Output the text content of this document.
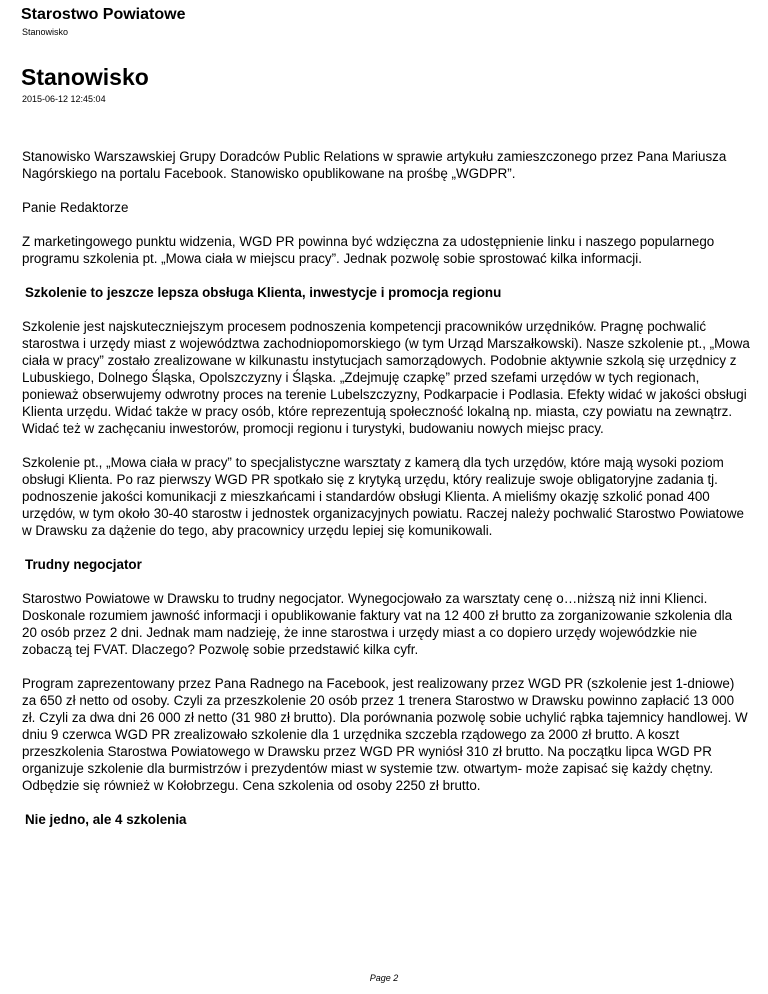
Starostwo Powiatowe
Stanowisko
Stanowisko
2015-06-12 12:45:04

Stanowisko Warszawskiej Grupy Doradców Public Relations w sprawie artykułu zamieszczonego przez Pana Mariusza Nagórskiego na portalu Facebook. Stanowisko opublikowane na prośbę „WGDPR”.

Panie Redaktorze

Z marketingowego punktu widzenia, WGD PR powinna być wdzięczna za udostępnienie linku i naszego popularnego programu szkolenia pt. „Mowa ciała w miejscu pracy”. Jednak pozwolę sobie sprostować kilka informacji.

Szkolenie to jeszcze lepsza obsługa Klienta, inwestycje i promocja regionu

Szkolenie jest najskuteczniejszym procesem podnoszenia kompetencji pracowników urzędników. Pragnę pochwalić starostwa i urzędy miast z województwa zachodniopomorskiego (w tym Urząd Marszałkowski). Nasze szkolenie pt., „Mowa ciała w pracy” zostało zrealizowane w kilkunastu instytucjach samorządowych. Podobnie aktywnie szkolą się urzędnicy z Lubuskiego, Dolnego Śląska, Opolszczyzny i Śląska. „Zdejmuję czapkę” przed szefami urzędów w tych regionach, ponieważ obserwujemy odwrotny proces na terenie Lubelszczyzny, Podkarpacie i Podlasia. Efekty widać w jakości obsługi Klienta urzędu. Widać także w pracy osób, które reprezentują społeczność lokalną np. miasta, czy powiatu na zewnątrz. Widać też w zachęcaniu inwestorów, promocji regionu i turystyki, budowaniu nowych miejsc pracy.

Szkolenie pt., „Mowa ciała w pracy” to specjalistyczne warsztaty z kamerą dla tych urzędów, które mają wysoki poziom obsługi Klienta. Po raz pierwszy WGD PR spotkało się z krytyką urzędu, który realizuje swoje obligatoryjne zadania tj. podnoszenie jakości komunikacji z mieszkańcami i standardów obsługi Klienta. A mieliśmy okazję szkolić ponad 400 urzędów, w tym około 30-40 starostw i jednostek organizacyjnych powiatu. Raczej należy pochwalić Starostwo Powiatowe w Drawsku za dążenie do tego, aby pracownicy urzędu lepiej się komunikowali.

Trudny negocjator

Starostwo Powiatowe w Drawsku to trudny negocjator. Wynegocjowało za warsztaty cenę o…niższą niż inni Klienci. Doskonale rozumiem jawność informacji i opublikowanie faktury vat na 12 400 zł brutto za zorganizowanie szkolenia dla 20 osób przez 2 dni. Jednak mam nadzieję, że inne starostwa i urzędy miast a co dopiero urzędy wojewódzkie nie zobaczą tej FVAT. Dlaczego? Pozwolę sobie przedstawić kilka cyfr.

Program zaprezentowany przez Pana Radnego na Facebook, jest realizowany przez WGD PR (szkolenie jest 1-dniowe) za 650 zł netto od osoby. Czyli za przeszkolenie 20 osób przez 1 trenera Starostwo w Drawsku powinno zapłacić 13 000 zł. Czyli za dwa dni 26 000 zł netto (31 980 zł brutto). Dla porównania pozwolę sobie uchylić rąbka tajemnicy handlowej. W dniu 9 czerwca WGD PR zrealizowało szkolenie dla 1 urzędnika szczebla rządowego za 2000 zł brutto. A koszt przeszkolenia Starostwa Powiatowego w Drawsku przez WGD PR wyniósł 310 zł brutto. Na początku lipca WGD PR organizuje szkolenie dla burmistrzów i prezydentów miast w systemie tzw. otwartym- może zapisać się każdy chętny. Odbędzie się również w Kołobrzegu. Cena szkolenia od osoby 2250 zł brutto.

Nie jedno, ale 4 szkolenia
Page 2
